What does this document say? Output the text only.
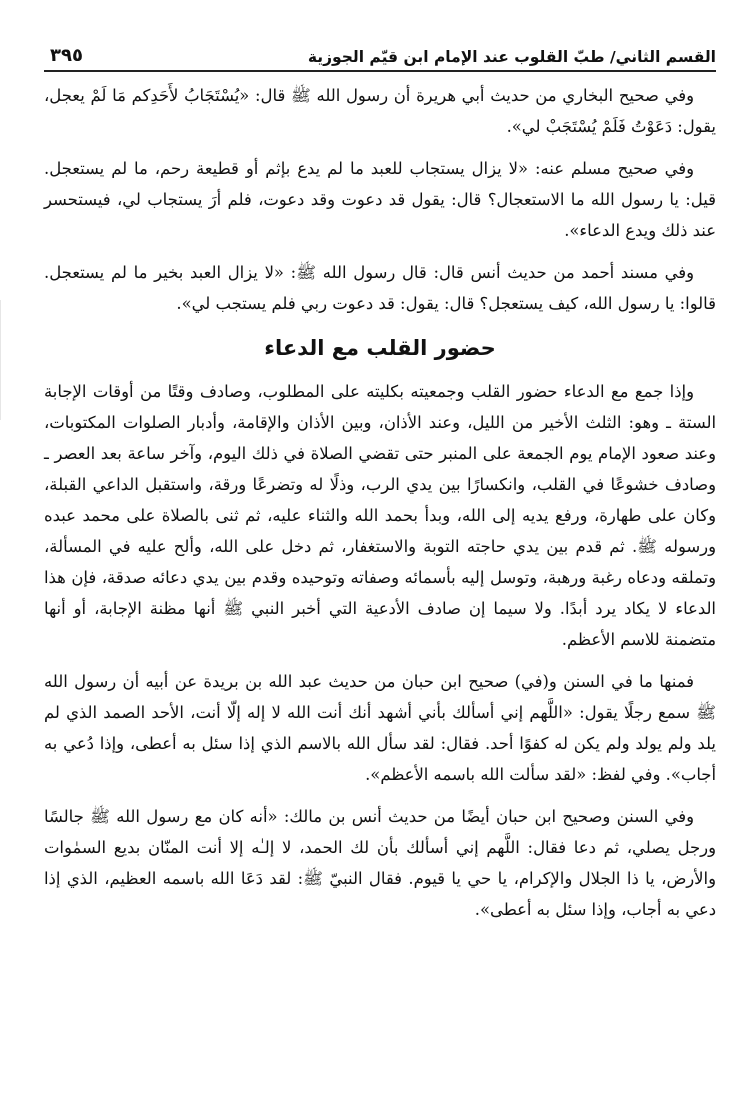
القسم الثاني/ طبّ القلوب عند الإمام ابن قيّم الجوزية
٣٩٥

وفي صحيح البخاري من حديث أبي هريرة أن رسول الله ﷺ قال: «يُسْتَجَابُ لأَحَدِكم مَا لَمْ يعجل، يقول: دَعَوْتُ فَلَمْ يُسْتَجَبْ لي».

وفي صحيح مسلم عنه: «لا يزال يستجاب للعبد ما لم يدع بإثم أو قطيعة رحم، ما لم يستعجل. قيل: يا رسول الله ما الاستعجال؟ قال: يقول قد دعوت وقد دعوت، فلم أرَ يستجاب لي، فيستحسر عند ذلك ويدع الدعاء».

وفي مسند أحمد من حديث أنس قال: قال رسول الله ﷺ: «لا يزال العبد بخير ما لم يستعجل. قالوا: يا رسول الله، كيف يستعجل؟ قال: يقول: قد دعوت ربي فلم يستجب لي».

حضور القلب مع الدعاء

وإذا جمع مع الدعاء حضور القلب وجمعيته بكليته على المطلوب، وصادف وقتًا من أوقات الإجابة الستة ـ وهو: الثلث الأخير من الليل، وعند الأذان، وبين الأذان والإقامة، وأدبار الصلوات المكتوبات، وعند صعود الإمام يوم الجمعة على المنبر حتى تقضي الصلاة في ذلك اليوم، وآخر ساعة بعد العصر ـ وصادف خشوعًا في القلب، وانكسارًا بين يدي الرب، وذلًا له وتضرعًا ورقة، واستقبل الداعي القبلة، وكان على طهارة، ورفع يديه إلى الله، وبدأ بحمد الله والثناء عليه، ثم ثنى بالصلاة على محمد عبده ورسوله ﷺ. ثم قدم بين يدي حاجته التوبة والاستغفار، ثم دخل على الله، وألح عليه في المسألة، وتملقه ودعاه رغبة ورهبة، وتوسل إليه بأسمائه وصفاته وتوحيده وقدم بين يدي دعائه صدقة، فإن هذا الدعاء لا يكاد يرد أبدًا. ولا سيما إن صادف الأدعية التي أخبر النبي ﷺ أنها مظنة الإجابة، أو أنها متضمنة للاسم الأعظم.

فمنها ما في السنن و(في) صحيح ابن حبان من حديث عبد الله بن بريدة عن أبيه أن رسول الله ﷺ سمع رجلًا يقول: «اللَّهم إني أسألك بأني أشهد أنك أنت الله لا إله إلّا أنت، الأحد الصمد الذي لم يلد ولم يولد ولم يكن له كفوًا أحد. فقال: لقد سأل الله بالاسم الذي إذا سئل به أعطى، وإذا دُعي به أجاب». وفي لفظ: «لقد سألت الله باسمه الأعظم».

وفي السنن وصحيح ابن حبان أيضًا من حديث أنس بن مالك: «أنه كان مع رسول الله ﷺ جالسًا ورجل يصلي، ثم دعا فقال: اللَّهم إني أسألك بأن لك الحمد، لا إلـٰه إلا أنت المنّان بديع السمٰوات والأرض، يا ذا الجلال والإكرام، يا حي يا قيوم. فقال النبيّ ﷺ: لقد دَعَا الله باسمه العظيم، الذي إذا دعي به أجاب، وإذا سئل به أعطى».
